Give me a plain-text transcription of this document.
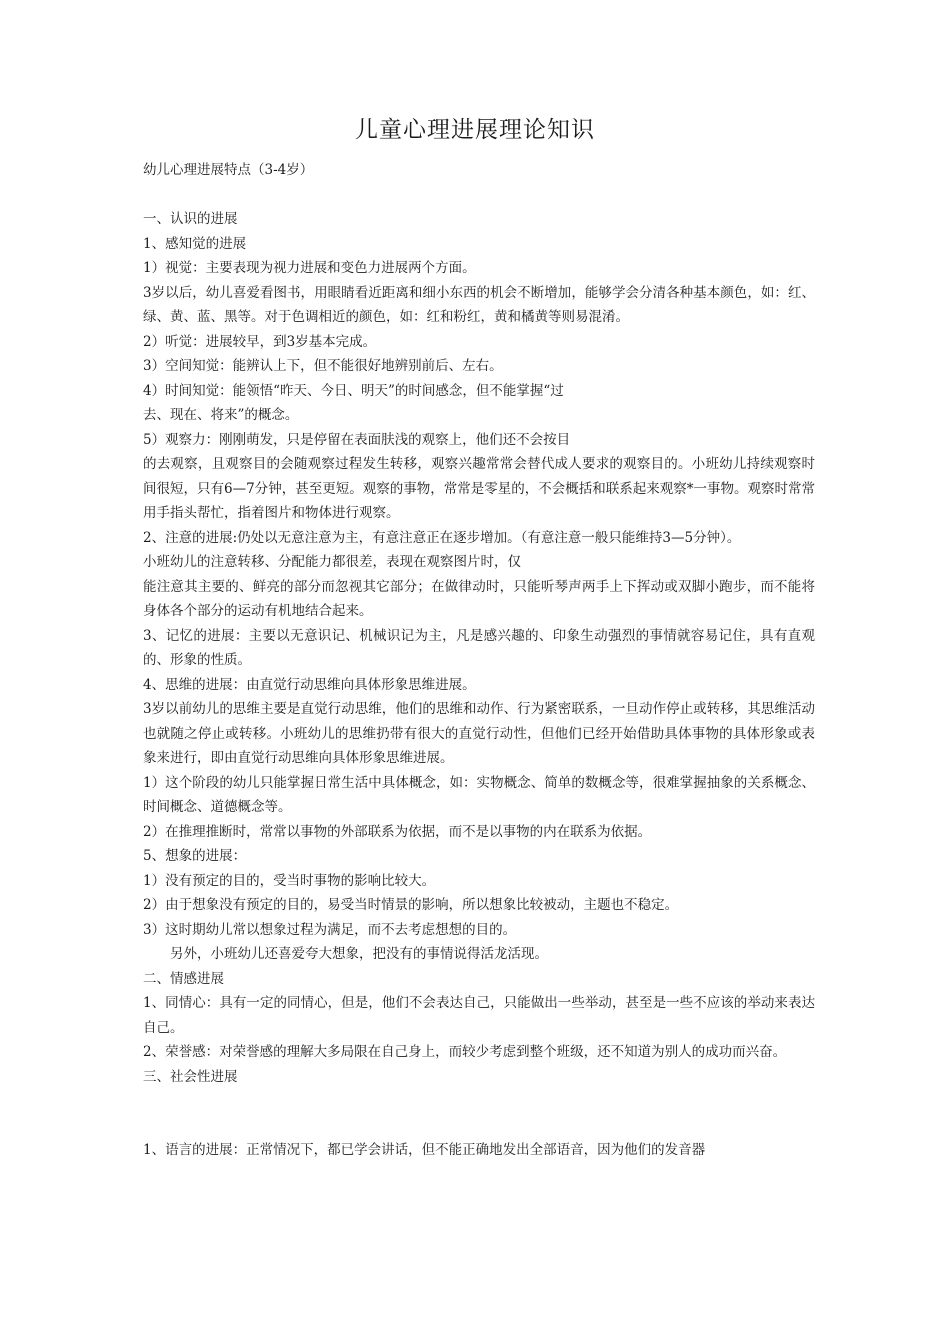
儿童心理进展理论知识

幼儿心理进展特点（3-4岁）

一、认识的进展

1、感知觉的进展

1）视觉：主要表现为视力进展和变色力进展两个方面。

3岁以后，幼儿喜爱看图书，用眼睛看近距离和细小东西的机会不断增加，能够学会分清各种基本颜色，如：红、绿、黄、蓝、黑等。对于色调相近的颜色，如：红和粉红，黄和橘黄等则易混淆。

2）听觉：进展较早，到3岁基本完成。

3）空间知觉：能辨认上下，但不能很好地辨别前后、左右。

4）时间知觉：能领悟“昨天、今日、明天”的时间感念，但不能掌握“过

去、现在、将来”的概念。

5）观察力：刚刚萌发，只是停留在表面肤浅的观察上，他们还不会按目

的去观察，且观察目的会随观察过程发生转移，观察兴趣常常会替代成人要求的观察目的。小班幼儿持续观察时间很短，只有6—7分钟，甚至更短。观察的事物，常常是零星的，不会概括和联系起来观察*一事物。观察时常常用手指头帮忙，指着图片和物体进行观察。

2、注意的进展:仍处以无意注意为主，有意注意正在逐步增加。（有意注意一般只能维持3—5分钟）。

小班幼儿的注意转移、分配能力都很差，表现在观察图片时，仅

能注意其主要的、鲜亮的部分而忽视其它部分；在做律动时，只能听琴声两手上下挥动或双脚小跑步，而不能将身体各个部分的运动有机地结合起来。

3、记忆的进展：主要以无意识记、机械识记为主，凡是感兴趣的、印象生动强烈的事情就容易记住，具有直观的、形象的性质。

4、思维的进展：由直觉行动思维向具体形象思维进展。

3岁以前幼儿的思维主要是直觉行动思维，他们的思维和动作、行为紧密联系，一旦动作停止或转移，其思维活动也就随之停止或转移。小班幼儿的思维扔带有很大的直觉行动性，但他们已经开始借助具体事物的具体形象或表象来进行，即由直觉行动思维向具体形象思维进展。

1）这个阶段的幼儿只能掌握日常生活中具体概念，如：实物概念、简单的数概念等，很难掌握抽象的关系概念、时间概念、道德概念等。

2）在推理推断时，常常以事物的外部联系为依据，而不是以事物的内在联系为依据。

5、想象的进展：

1）没有预定的目的，受当时事物的影响比较大。

2）由于想象没有预定的目的，易受当时情景的影响，所以想象比较被动，主题也不稳定。

3）这时期幼儿常以想象过程为满足，而不去考虑想想的目的。

另外，小班幼儿还喜爱夸大想象，把没有的事情说得活龙活现。

二、情感进展

1、同情心：具有一定的同情心，但是，他们不会表达自己，只能做出一些举动，甚至是一些不应该的举动来表达自己。

2、荣誉感：对荣誉感的理解大多局限在自己身上，而较少考虑到整个班级，还不知道为别人的成功而兴奋。

三、社会性进展

1、语言的进展：正常情况下，都已学会讲话，但不能正确地发出全部语音，因为他们的发音器
